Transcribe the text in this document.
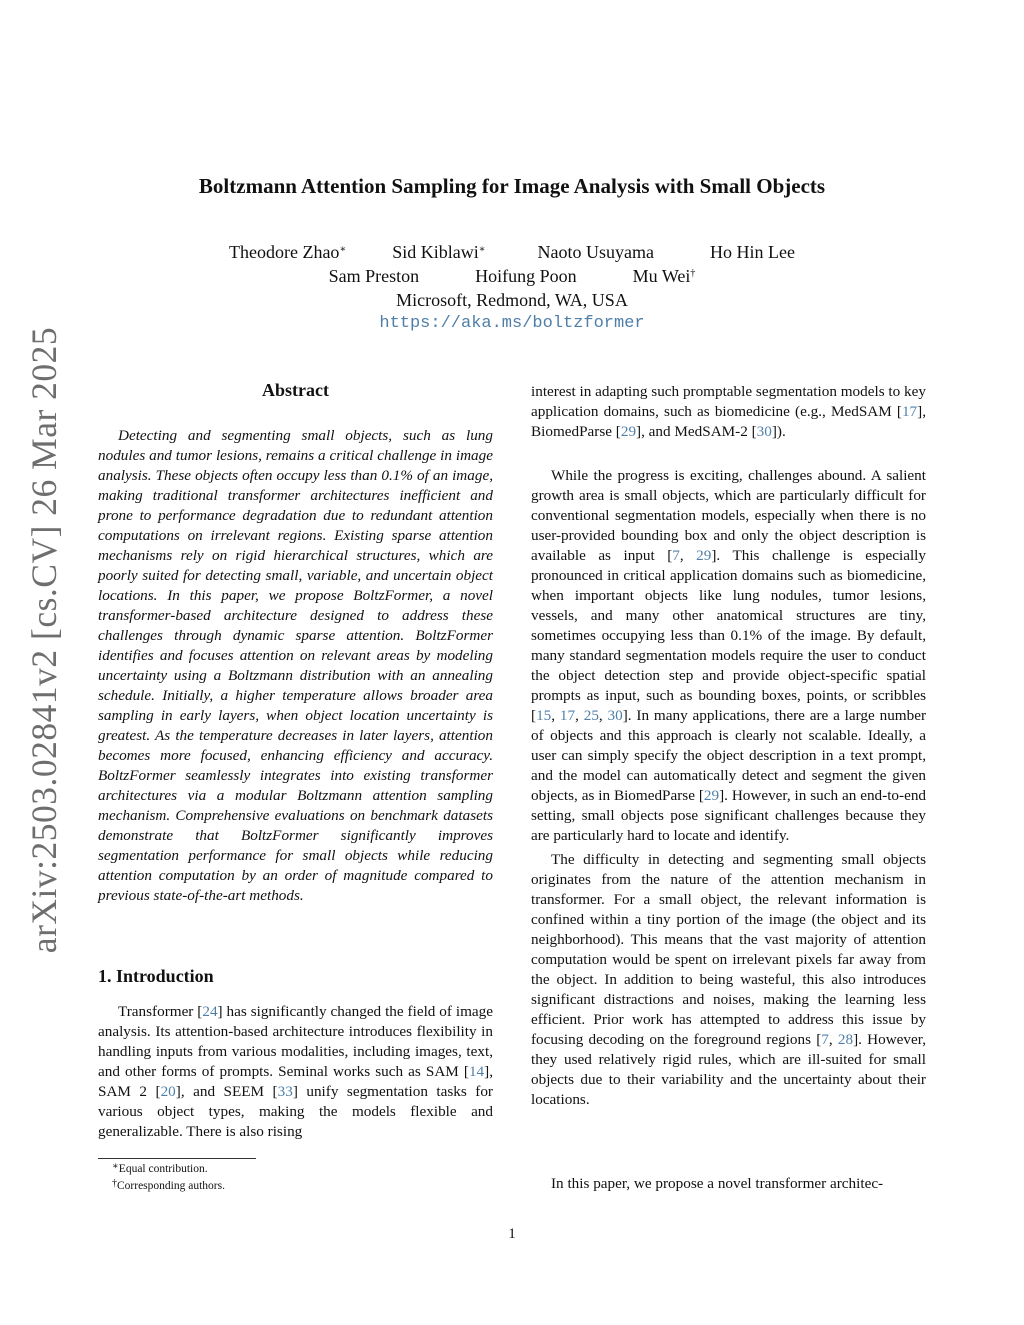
arXiv:2503.02841v2 [cs.CV] 26 Mar 2025
Boltzmann Attention Sampling for Image Analysis with Small Objects
Theodore Zhao∗	Sid Kiblawi∗	Naoto Usuyama	Ho Hin Lee
Sam Preston	Hoifung Poon	Mu Wei†
Microsoft, Redmond, WA, USA
https://aka.ms/boltzformer
Abstract

Detecting and segmenting small objects, such as lung nodules and tumor lesions, remains a critical challenge in image analysis. These objects often occupy less than 0.1% of an image, making traditional transformer architectures inefficient and prone to performance degradation due to redundant attention computations on irrelevant regions. Existing sparse attention mechanisms rely on rigid hierarchical structures, which are poorly suited for detecting small, variable, and uncertain object locations. In this paper, we propose BoltzFormer, a novel transformer-based architecture designed to address these challenges through dynamic sparse attention. BoltzFormer identifies and focuses attention on relevant areas by modeling uncertainty using a Boltzmann distribution with an annealing schedule. Initially, a higher temperature allows broader area sampling in early layers, when object location uncertainty is greatest. As the temperature decreases in later layers, attention becomes more focused, enhancing efficiency and accuracy. BoltzFormer seamlessly integrates into existing transformer architectures via a modular Boltzmann attention sampling mechanism. Comprehensive evaluations on benchmark datasets demonstrate that BoltzFormer significantly improves segmentation performance for small objects while reducing attention computation by an order of magnitude compared to previous state-of-the-art methods.

1. Introduction

Transformer [24] has significantly changed the field of image analysis. Its attention-based architecture introduces flexibility in handling inputs from various modalities, including images, text, and other forms of prompts. Seminal works such as SAM [14], SAM 2 [20], and SEEM [33] unify segmentation tasks for various object types, making the models flexible and generalizable. There is also rising

∗Equal contribution.
†Corresponding authors.

interest in adapting such promptable segmentation models to key application domains, such as biomedicine (e.g., MedSAM [17], BiomedParse [29], and MedSAM-2 [30]).

While the progress is exciting, challenges abound. A salient growth area is small objects, which are particularly difficult for conventional segmentation models, especially when there is no user-provided bounding box and only the object description is available as input [7, 29]. This challenge is especially pronounced in critical application domains such as biomedicine, when important objects like lung nodules, tumor lesions, vessels, and many other anatomical structures are tiny, sometimes occupying less than 0.1% of the image. By default, many standard segmentation models require the user to conduct the object detection step and provide object-specific spatial prompts as input, such as bounding boxes, points, or scribbles [15, 17, 25, 30]. In many applications, there are a large number of objects and this approach is clearly not scalable. Ideally, a user can simply specify the object description in a text prompt, and the model can automatically detect and segment the given objects, as in BiomedParse [29]. However, in such an end-to-end setting, small objects pose significant challenges because they are particularly hard to locate and identify.

The difficulty in detecting and segmenting small objects originates from the nature of the attention mechanism in transformer. For a small object, the relevant information is confined within a tiny portion of the image (the object and its neighborhood). This means that the vast majority of attention computation would be spent on irrelevant pixels far away from the object. In addition to being wasteful, this also introduces significant distractions and noises, making the learning less efficient. Prior work has attempted to address this issue by focusing decoding on the foreground regions [7, 28]. However, they used relatively rigid rules, which are ill-suited for small objects due to their variability and the uncertainty about their locations.

In this paper, we propose a novel transformer architec-

1
